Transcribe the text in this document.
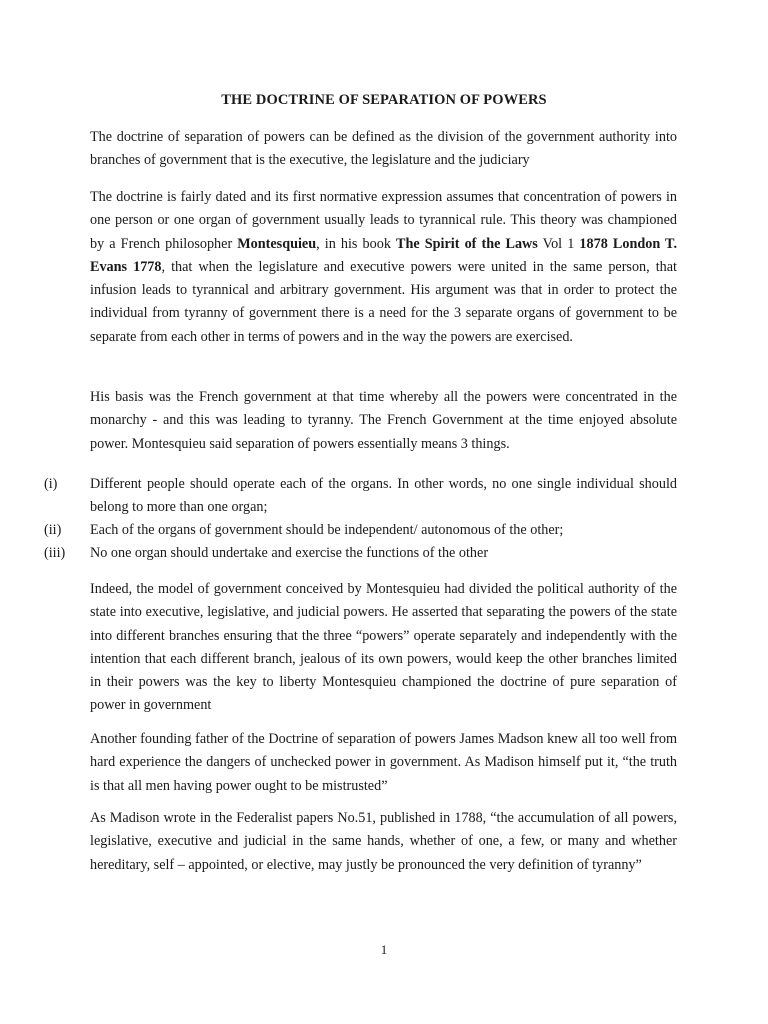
THE DOCTRINE OF SEPARATION OF POWERS

The doctrine of separation of powers can be defined as the division of the government authority into branches of government that is the executive, the legislature and the judiciary

The doctrine is fairly dated and its first normative expression assumes that concentration of powers in one person or one organ of government usually leads to tyrannical rule. This theory was championed by a French philosopher Montesquieu, in his book The Spirit of the Laws Vol 1 1878 London T. Evans 1778, that when the legislature and executive powers were united in the same person, that infusion leads to tyrannical and arbitrary government. His argument was that in order to protect the individual from tyranny of government there is a need for the 3 separate organs of government to be separate from each other in terms of powers and in the way the powers are exercised.

His basis was the French government at that time whereby all the powers were concentrated in the monarchy - and this was leading to tyranny. The French Government at the time enjoyed absolute power. Montesquieu said separation of powers essentially means 3 things.

(i) Different people should operate each of the organs. In other words, no one single individual should belong to more than one organ;
(ii) Each of the organs of government should be independent/ autonomous of the other;
(iii) No one organ should undertake and exercise the functions of the other

Indeed, the model of government conceived by Montesquieu had divided the political authority of the state into executive, legislative, and judicial powers. He asserted that separating the powers of the state into different branches ensuring that the three “powers” operate separately and independently with the intention that each different branch, jealous of its own powers, would keep the other branches limited in their powers was the key to liberty Montesquieu championed the doctrine of pure separation of power in government

Another founding father of the Doctrine of separation of powers James Madson knew all too well from hard experience the dangers of unchecked power in government. As Madison himself put it, “the truth is that all men having power ought to be mistrusted”

As Madison wrote in the Federalist papers No.51, published in 1788, “the accumulation of all powers, legislative, executive and judicial in the same hands, whether of one, a few, or many and whether hereditary, self – appointed, or elective, may justly be pronounced the very definition of tyranny”

1
